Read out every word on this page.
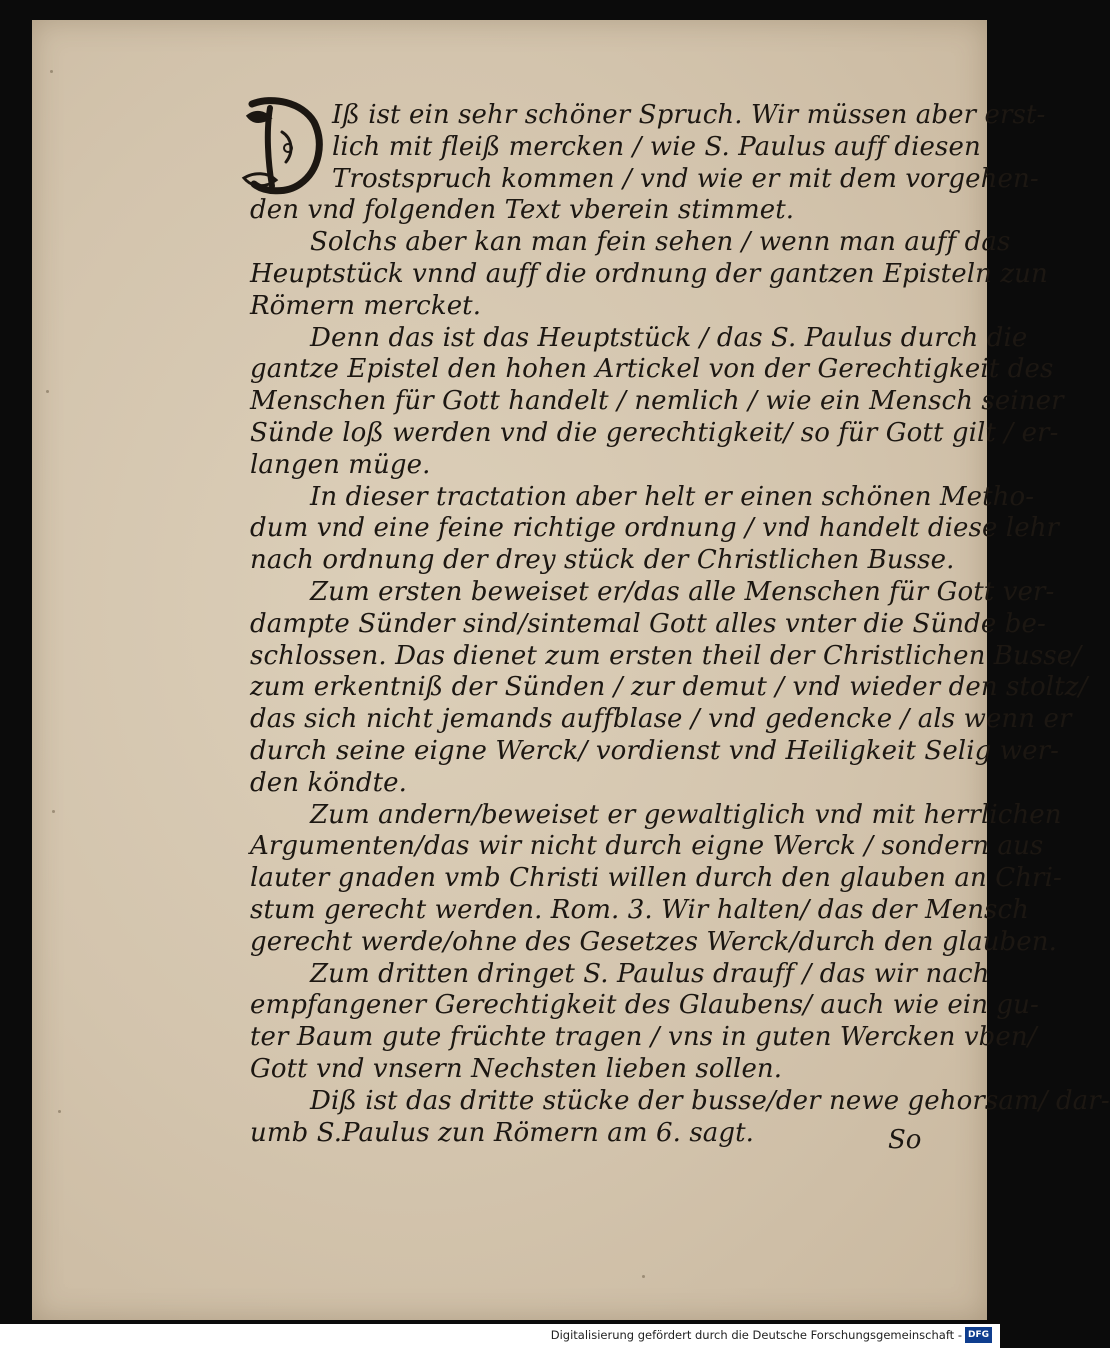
Iß ist ein sehr schöner Spruch. Wir müssen aber erst-
lich mit fleiß mercken / wie S. Paulus auff diesen
Trostspruch kommen / vnd wie er mit dem vorgehen-
den vnd folgenden Text vberein stimmet.
Solchs aber kan man fein sehen / wenn man auff das
Heuptstück vnnd auff die ordnung der gantzen Episteln zun
Römern mercket.
Denn das ist das Heuptstück / das S. Paulus durch die
gantze Epistel den hohen Artickel von der Gerechtigkeit des
Menschen für Gott handelt / nemlich / wie ein Mensch seiner
Sünde loß werden vnd die gerechtigkeit/ so für Gott gilt / er-
langen müge.
In dieser tractation aber helt er einen schönen Metho-
dum vnd eine feine richtige ordnung / vnd handelt diese lehr
nach ordnung der drey stück der Christlichen Busse.
Zum ersten beweiset er/das alle Menschen für Gott ver-
dampte Sünder sind/sintemal Gott alles vnter die Sünde be-
schlossen. Das dienet zum ersten theil der Christlichen Busse/
zum erkentniß der Sünden / zur demut / vnd wieder den stoltz/
das sich nicht jemands auffblase / vnd gedencke / als wenn er
durch seine eigne Werck/ vordienst vnd Heiligkeit Selig wer-
den köndte.
Zum andern/beweiset er gewaltiglich vnd mit herrlichen
Argumenten/das wir nicht durch eigne Werck / sondern aus
lauter gnaden vmb Christi willen durch den glauben an Chri-
stum gerecht werden. Rom. 3. Wir halten/ das der Mensch
gerecht werde/ohne des Gesetzes Werck/durch den glauben.
Zum dritten dringet S. Paulus drauff / das wir nach
empfangener Gerechtigkeit des Glaubens/ auch wie ein gu-
ter Baum gute früchte tragen / vns in guten Wercken vben/
Gott vnd vnsern Nechsten lieben sollen.
Diß ist das dritte stücke der busse/der newe gehorsam/ dar-
umb S.Paulus zun Römern am 6. sagt.	So
Digitalisierung gefördert durch die Deutsche Forschungsgemeinschaft - DFG
